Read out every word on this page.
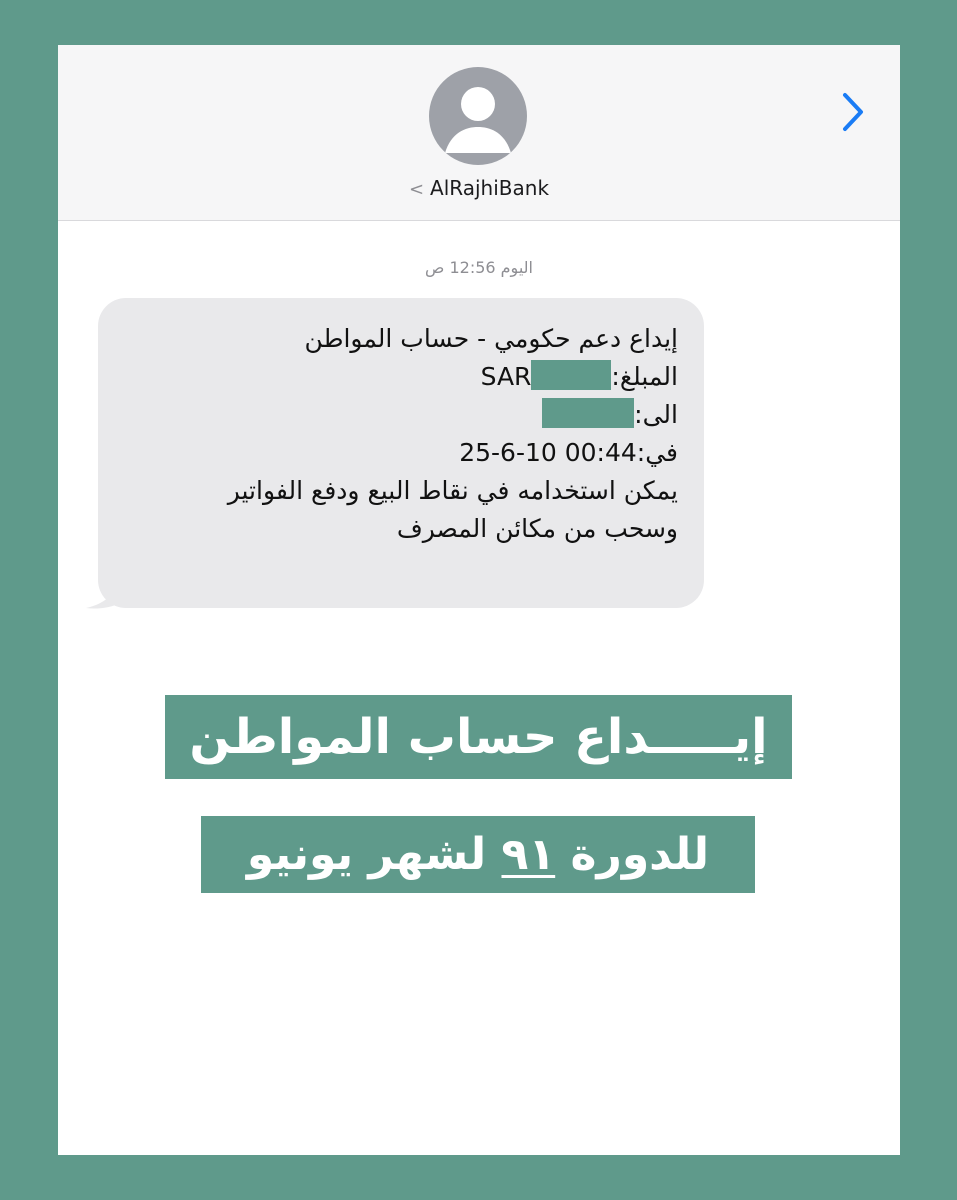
< AlRajhiBank
اليوم 12:56 ص
إيداع دعم حكومي - حساب المواطن
المبلغ:SAR
الى:
في:25-6-10 00:44
يمكن استخدامه في نقاط البيع ودفع الفواتير
وسحب من مكائن المصرف
إيـــــداع حساب المواطن
للدورة ٩١ لشهر يونيو
